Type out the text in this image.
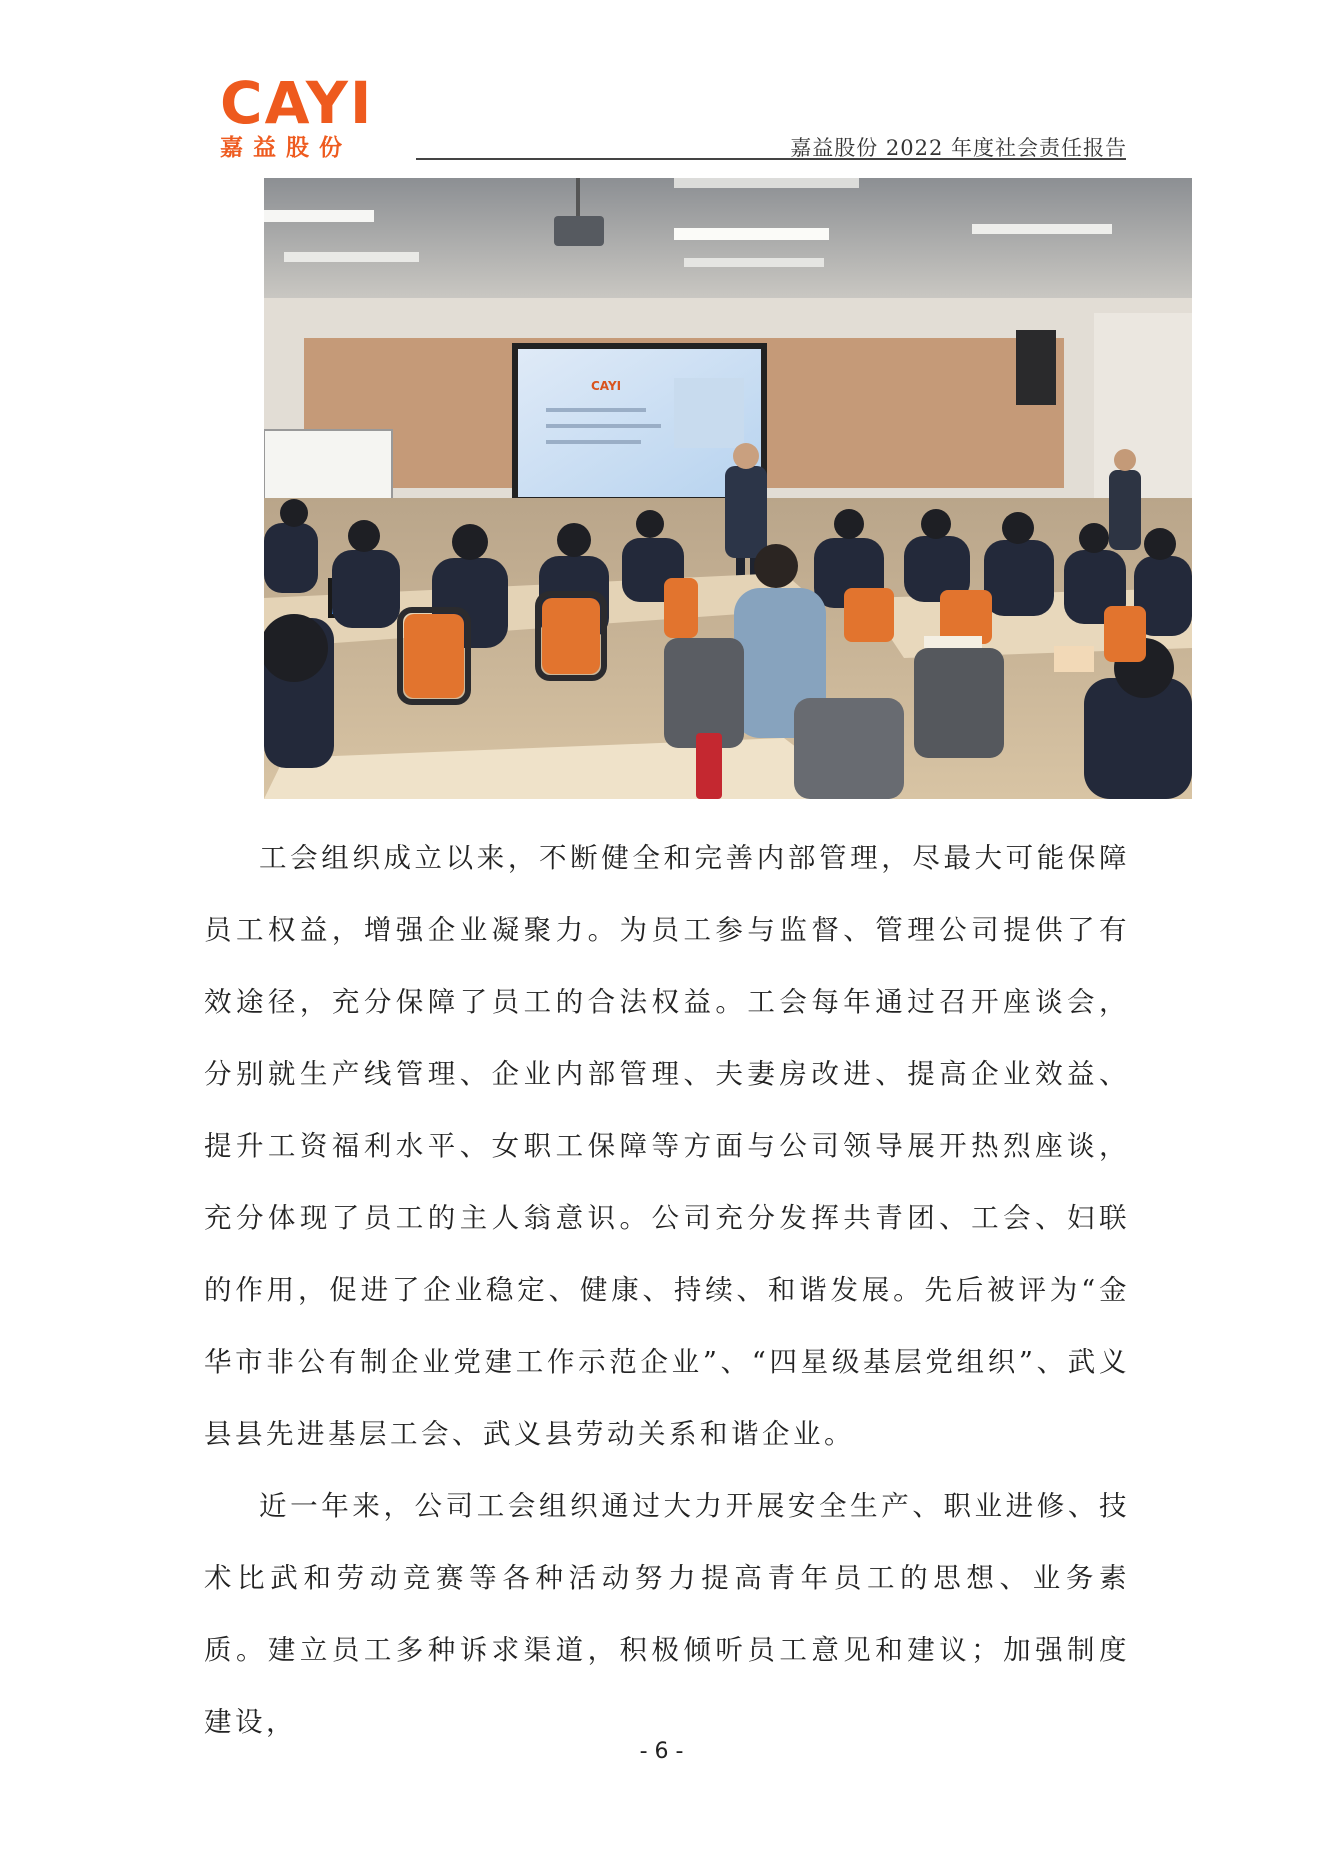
CAYI
嘉益股份	嘉益股份 2022 年度社会责任报告
CAYI

工会组织成立以来，不断健全和完善内部管理，尽最大可能保障员工权益，增强企业凝聚力。为员工参与监督、管理公司提供了有效途径，充分保障了员工的合法权益。工会每年通过召开座谈会，分别就生产线管理、企业内部管理、夫妻房改进、提高企业效益、提升工资福利水平、女职工保障等方面与公司领导展开热烈座谈，充分体现了员工的主人翁意识。公司充分发挥共青团、工会、妇联的作用，促进了企业稳定、健康、持续、和谐发展。先后被评为“金华市非公有制企业党建工作示范企业”、“四星级基层党组织”、武义县县先进基层工会、武义县劳动关系和谐企业。

近一年来，公司工会组织通过大力开展安全生产、职业进修、技术比武和劳动竞赛等各种活动努力提高青年员工的思想、业务素质。建立员工多种诉求渠道，积极倾听员工意见和建议；加强制度建设，

- 6 -
